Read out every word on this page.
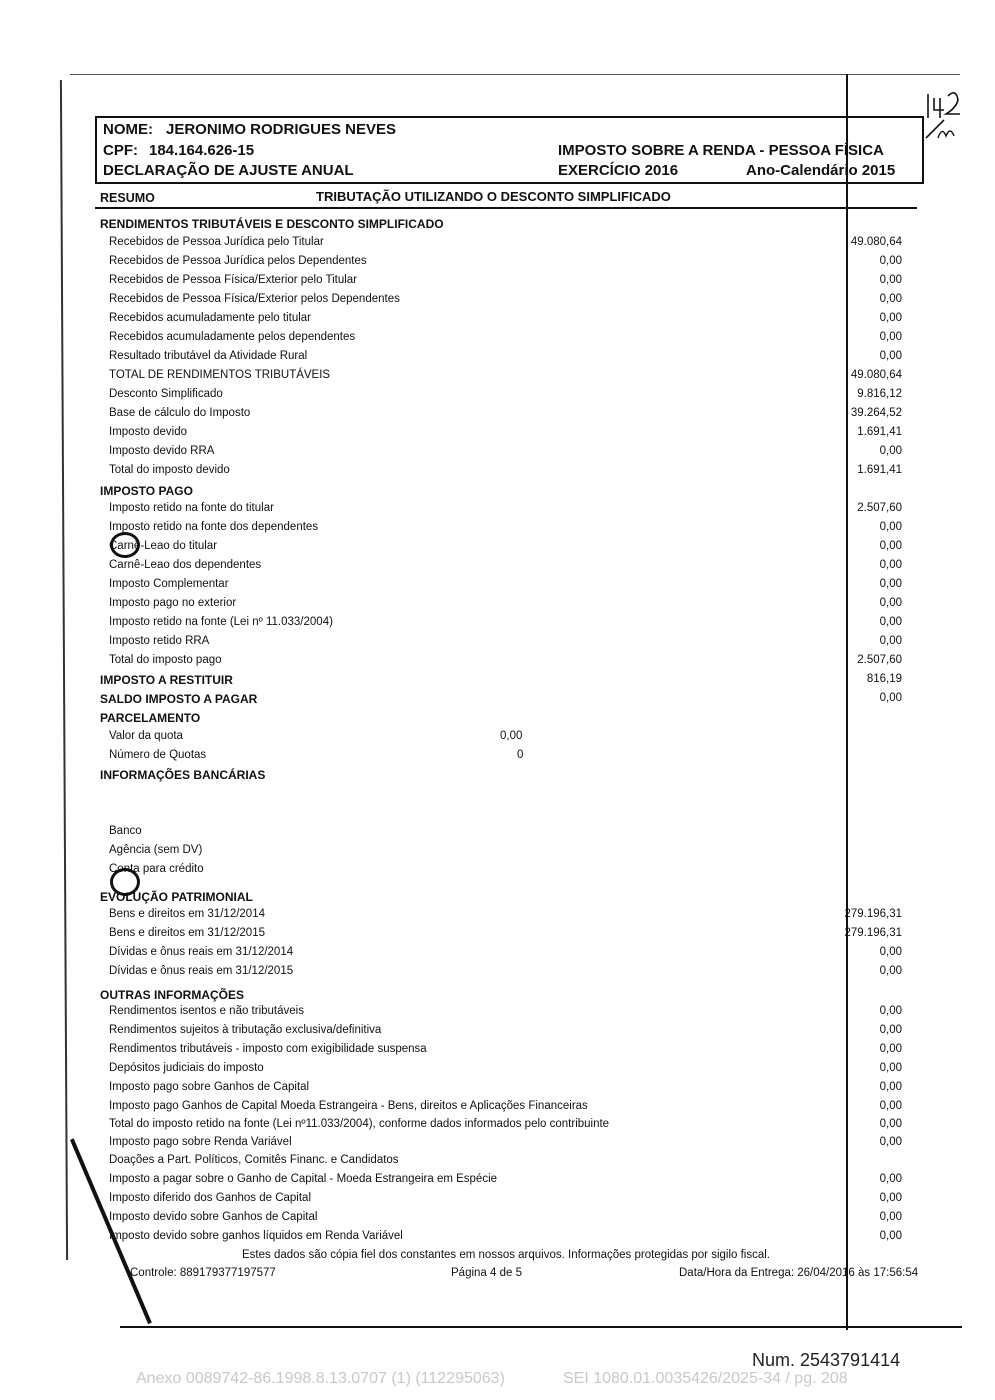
NOME: JERONIMO RODRIGUES NEVES
CPF: 184.164.626-15
DECLARAÇÃO DE AJUSTE ANUAL
IMPOSTO SOBRE A RENDA - PESSOA FÍSICA
EXERCÍCIO 2016	Ano-Calendário 2015
RESUMO	TRIBUTAÇÃO UTILIZANDO O DESCONTO SIMPLIFICADO
RENDIMENTOS TRIBUTÁVEIS E DESCONTO SIMPLIFICADO
Recebidos de Pessoa Jurídica pelo Titular	49.080,64
Recebidos de Pessoa Jurídica pelos Dependentes	0,00
Recebidos de Pessoa Física/Exterior pelo Titular	0,00
Recebidos de Pessoa Física/Exterior pelos Dependentes	0,00
Recebidos acumuladamente pelo titular	0,00
Recebidos acumuladamente pelos dependentes	0,00
Resultado tributável da Atividade Rural	0,00
TOTAL DE RENDIMENTOS TRIBUTÁVEIS	49.080,64
Desconto Simplificado	9.816,12
Base de cálculo do Imposto	39.264,52
Imposto devido	1.691,41
Imposto devido RRA	0,00
Total do imposto devido	1.691,41
IMPOSTO PAGO
Imposto retido na fonte do titular	2.507,60
Imposto retido na fonte dos dependentes	0,00
Carnê-Leao do titular	0,00
Carnê-Leao dos dependentes	0,00
Imposto Complementar	0,00
Imposto pago no exterior	0,00
Imposto retido na fonte (Lei nº 11.033/2004)	0,00
Imposto retido RRA	0,00
Total do imposto pago	2.507,60
IMPOSTO A RESTITUIR	816,19
SALDO IMPOSTO A PAGAR	0,00
PARCELAMENTO
Valor da quota	0,00
Número de Quotas	0
INFORMAÇÕES BANCÁRIAS
Banco
Agência (sem DV)
Conta para crédito
EVOLUÇÃO PATRIMONIAL
Bens e direitos em 31/12/2014	279.196,31
Bens e direitos em 31/12/2015	279.196,31
Dívidas e ônus reais em 31/12/2014	0,00
Dívidas e ônus reais em 31/12/2015	0,00
OUTRAS INFORMAÇÕES
Rendimentos isentos e não tributáveis	0,00
Rendimentos sujeitos à tributação exclusiva/definitiva	0,00
Rendimentos tributáveis - imposto com exigibilidade suspensa	0,00
Depósitos judiciais do imposto	0,00
Imposto pago sobre Ganhos de Capital	0,00
Imposto pago Ganhos de Capital Moeda Estrangeira - Bens, direitos e Aplicações Financeiras	0,00
Total do imposto retido na fonte (Lei nº11.033/2004), conforme dados informados pelo contribuinte	0,00
Imposto pago sobre Renda Variável	0,00
Doações a Part. Políticos, Comitês Financ. e Candidatos
Imposto a pagar sobre o Ganho de Capital - Moeda Estrangeira em Espécie	0,00
Imposto diferido dos Ganhos de Capital	0,00
Imposto devido sobre Ganhos de Capital	0,00
Imposto devido sobre ganhos líquidos em Renda Variável	0,00
Estes dados são cópia fiel dos constantes em nossos arquivos. Informações protegidas por sigilo fiscal.
Controle: 889179377197577	Página 4 de 5	Data/Hora da Entrega: 26/04/2016 às 17:56:54
Num. 2543791414
Anexo 0089742-86.1998.8.13.0707 (1) (112295063)	SEI 1080.01.0035426/2025-34 / pg. 208
